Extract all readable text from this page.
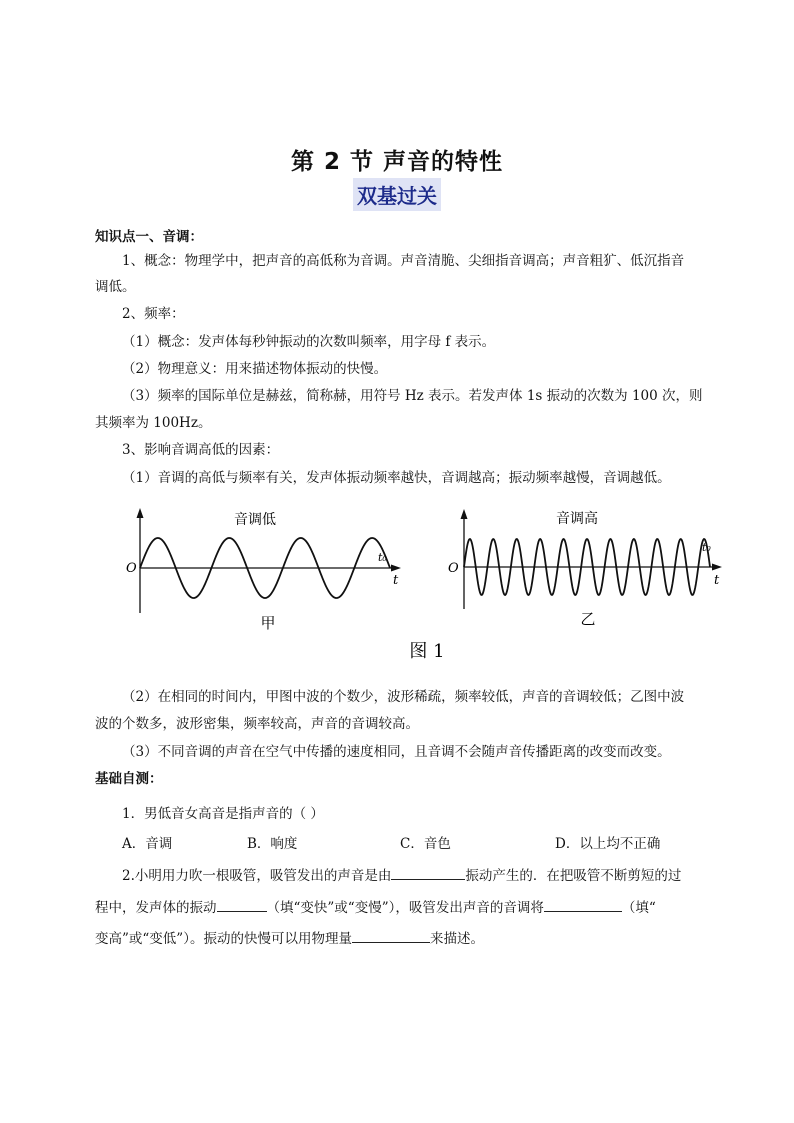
第 2 节 声音的特性
双基过关
知识点一、音调：
1、概念：物理学中，把声音的高低称为音调。声音清脆、尖细指音调高；声音粗犷、低沉指音
调低。
2、频率：
（1）概念：发声体每秒钟振动的次数叫频率，用字母 f 表示。
（2）物理意义：用来描述物体振动的快慢。
（3）频率的国际单位是赫兹，简称赫，用符号 Hz 表示。若发声体 1s 振动的次数为 100 次，则
其频率为 100Hz。
3、影响音调高低的因素：
（1）音调的高低与频率有关，发声体振动频率越快，音调越高；振动频率越慢，音调越低。
音调低
O
t₀
t
甲
音调高
O
t₀
t
乙
图 1
（2）在相同的时间内，甲图中波的个数少，波形稀疏，频率较低，声音的音调较低；乙图中波
波的个数多，波形密集，频率较高，声音的音调较高。
（3）不同音调的声音在空气中传播的速度相同，且音调不会随声音传播距离的改变而改变。
基础自测：
1．男低音女高音是指声音的（ ）
A．音调	B．响度	C．音色	D．以上均不正确
2.小明用力吹一根吸管，吸管发出的声音是由	振动产生的．在把吸管不断剪短的过
程中，发声体的振动	（填“变快”或“变慢”），吸管发出声音的音调将	（填“
变高”或“变低”）。振动的快慢可以用物理量	来描述。
